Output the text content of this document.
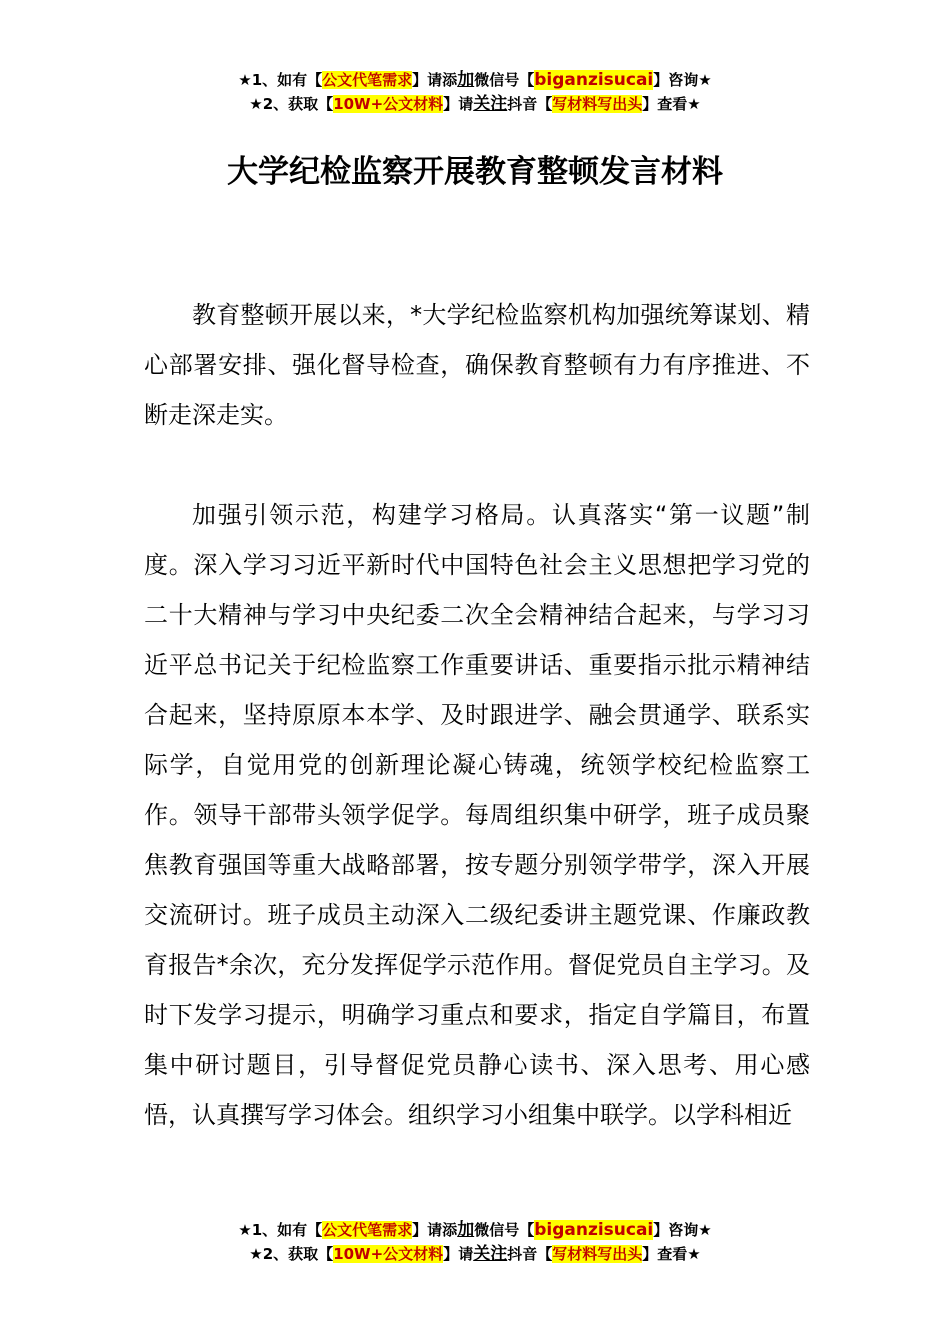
★1、如有【公文代笔需求】请添加微信号【biganzisucai】咨询★
★2、获取【10W+公文材料】请关注抖音【写材料写出头】查看★
大学纪检监察开展教育整顿发言材料

教育整顿开展以来，*大学纪检监察机构加强统筹谋划、精心部署安排、强化督导检查，确保教育整顿有力有序推进、不断走深走实。

加强引领示范，构建学习格局。认真落实“第一议题”制度。深入学习习近平新时代中国特色社会主义思想把学习党的二十大精神与学习中央纪委二次全会精神结合起来，与学习习近平总书记关于纪检监察工作重要讲话、重要指示批示精神结合起来，坚持原原本本学、及时跟进学、融会贯通学、联系实际学，自觉用党的创新理论凝心铸魂，统领学校纪检监察工作。领导干部带头领学促学。每周组织集中研学，班子成员聚焦教育强国等重大战略部署，按专题分别领学带学，深入开展交流研讨。班子成员主动深入二级纪委讲主题党课、作廉政教育报告*余次，充分发挥促学示范作用。督促党员自主学习。及时下发学习提示，明确学习重点和要求，指定自学篇目，布置集中研讨题目，引导督促党员静心读书、深入思考、用心感悟，认真撰写学习体会。组织学习小组集中联学。以学科相近

★1、如有【公文代笔需求】请添加微信号【biganzisucai】咨询★
★2、获取【10W+公文材料】请关注抖音【写材料写出头】查看★
